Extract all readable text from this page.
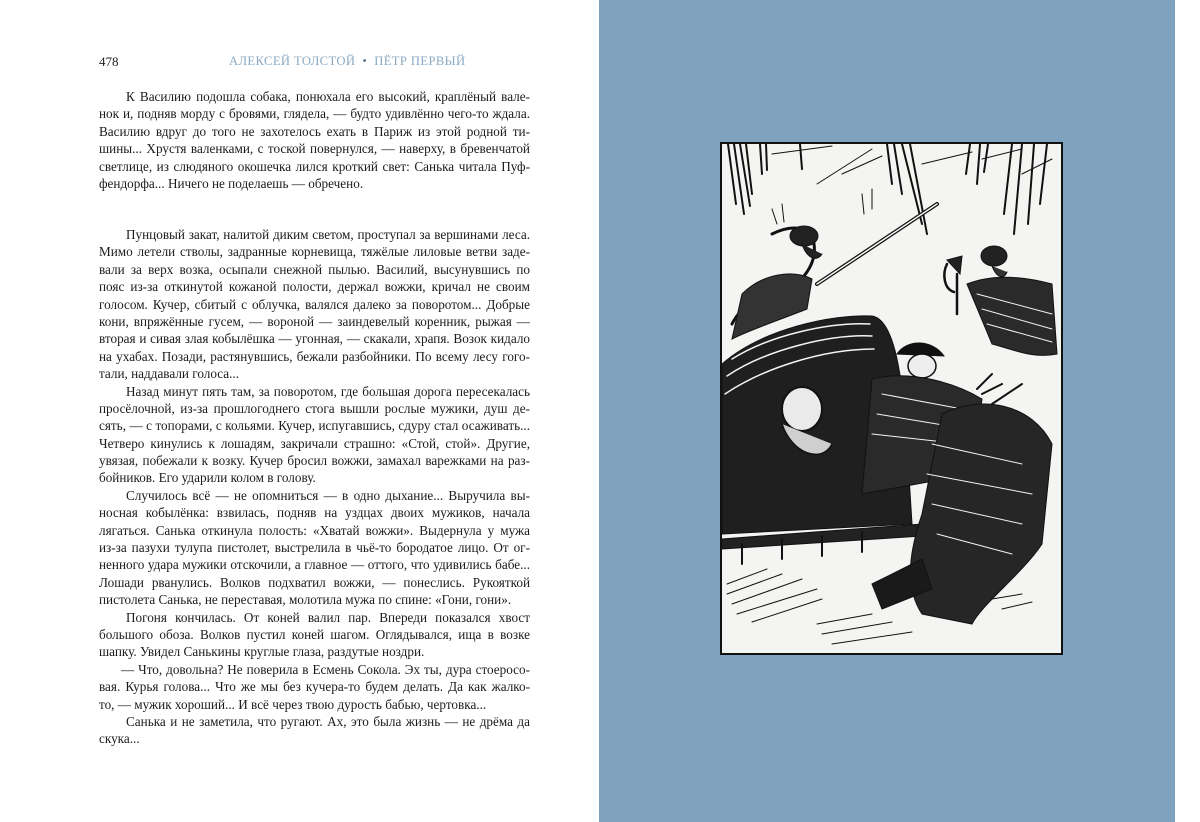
478	АЛЕКСЕЙ ТОЛСТОЙ • ПЁТР ПЕРВЫЙ
К Василию подошла собака, понюхала его высокий, краплёный вале-
нок и, подняв морду с бровями, глядела, — будто удивлённо чего-то ждала.
Василию вдруг до того не захотелось ехать в Париж из этой родной ти-
шины... Хрустя валенками, с тоской повернулся, — наверху, в бревенчатой
светлице, из слюдяного окошечка лился кроткий свет: Санька читала Пуф-
фендорфа... Ничего не поделаешь — обречено.
Пунцовый закат, налитой диким светом, проступал за вершинами леса.
Мимо летели стволы, задранные корневища, тяжёлые лиловые ветви заде-
вали за верх возка, осыпали снежной пылью. Василий, высунувшись по
пояс из-за откинутой кожаной полости, держал вожжи, кричал не своим
голосом. Кучер, сбитый с облучка, валялся далеко за поворотом... Добрые
кони, впряжённые гусем, — вороной — заиндевелый коренник, рыжая —
вторая и сивая злая кобылёшка — угонная, — скакали, храпя. Возок кидало
на ухабах. Позади, растянувшись, бежали разбойники. По всему лесу гого-
тали, наддавали голоса...
Назад минут пять там, за поворотом, где большая дорога пересекалась
просёлочной, из-за прошлогоднего стога вышли рослые мужики, душ де-
сять, — с топорами, с кольями. Кучер, испугавшись, сдуру стал осаживать...
Четверо кинулись к лошадям, закричали страшно: «Стой, стой». Другие,
увязая, побежали к возку. Кучер бросил вожжи, замахал варежками на раз-
бойников. Его ударили колом в голову.
Случилось всё — не опомниться — в одно дыхание... Выручила вы-
носная кобылёнка: взвилась, подняв на уздцах двоих мужиков, начала
лягаться. Санька откинула полость: «Хватай вожжи». Выдернула у мужа
из-за пазухи тулупа пистолет, выстрелила в чьё-то бородатое лицо. От ог-
ненного удара мужики отскочили, а главное — оттого, что удивились бабе...
Лошади рванулись. Волков подхватил вожжи, — понеслись. Рукояткой
пистолета Санька, не переставая, молотила мужа по спине: «Гони, гони».
Погоня кончилась. От коней валил пар. Впереди показался хвост
большого обоза. Волков пустил коней шагом. Оглядывался, ища в возке
шапку. Увидел Санькины круглые глаза, раздутые ноздри.
— Что, довольна? Не поверила в Есмень Сокола. Эх ты, дура стоеросо-
вая. Курья голова... Что же мы без кучера-то будем делать. Да как жалко-
то, — мужик хороший... И всё через твою дурость бабью, чертовка...
Санька и не заметила, что ругают. Ах, это была жизнь — не дрёма да
скука...
